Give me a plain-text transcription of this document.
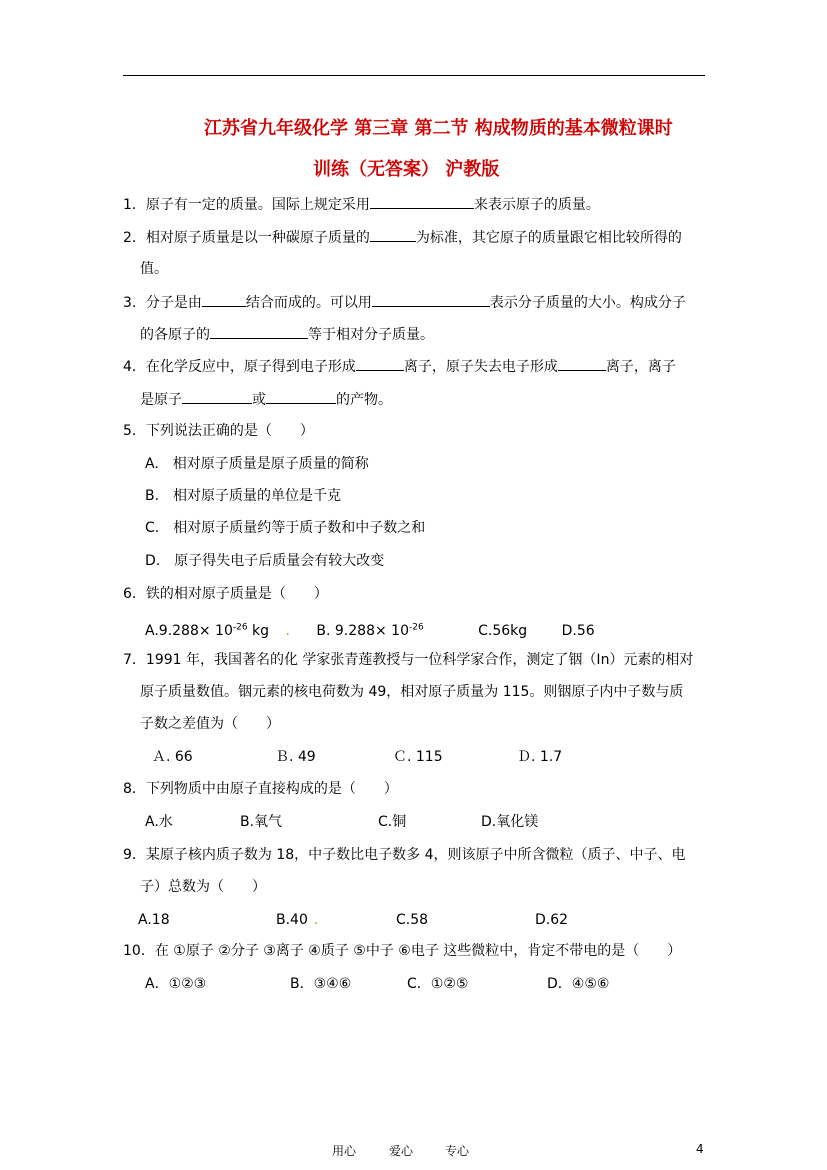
江苏省九年级化学 第三章 第二节 构成物质的基本微粒课时
训练（无答案） 沪教版
1．原子有一定的质量。国际上规定采用	来表示原子的质量。
2．相对原子质量是以一种碳原子质量的	为标准，其它原子的质量跟它相比较所得的
值。
3．分子是由	结合而成的。可以用	表示分子质量的大小。构成分子
的各原子的	等于相对分子质量。
4．在化学反应中，原子得到电子形成	离子，原子失去电子形成	离子，离子
是原子	或	的产物。
5．下列说法正确的是（　　）
A.　相对原子质量是原子质量的简称
B.　相对原子质量的单位是千克
C.　相对原子质量约等于质子数和中子数之和
D.　原子得失电子后质量会有较大改变
6．铁的相对原子质量是（　　）
$A.9.288\times 10^{-26}$ kg . B. $9.288\times 10^{-26}$	C.56kg D.56
7．1991 年，我国著名的化 学家张青莲教授与一位科学家合作，测定了铟（In）元素的相对
原子质量数值。铟元素的核电荷数为 49，相对原子质量为 115。则铟原子内中子数与质
子数之差值为（　　）
Ａ. 66	Ｂ. 49	Ｃ. 115	Ｄ. 1.7
8．下列物质中由原子直接构成的是（　　）
A.水	B.氧气	C.铜	D.氧化镁
9．某原子核内质子数为 18，中子数比电子数多 4，则该原子中所含微粒（质子、中子、电
子）总数为（　　）
A.18	B.40 .	C.58	D.62
10．在 ①原子 ②分子 ③离子 ④质子 ⑤中子 ⑥电子 这些微粒中，肯定不带电的是（　　）
A．①②③	B．③④⑥	C．①②⑤	D．④⑤⑥
用心	爱心	专心	4
